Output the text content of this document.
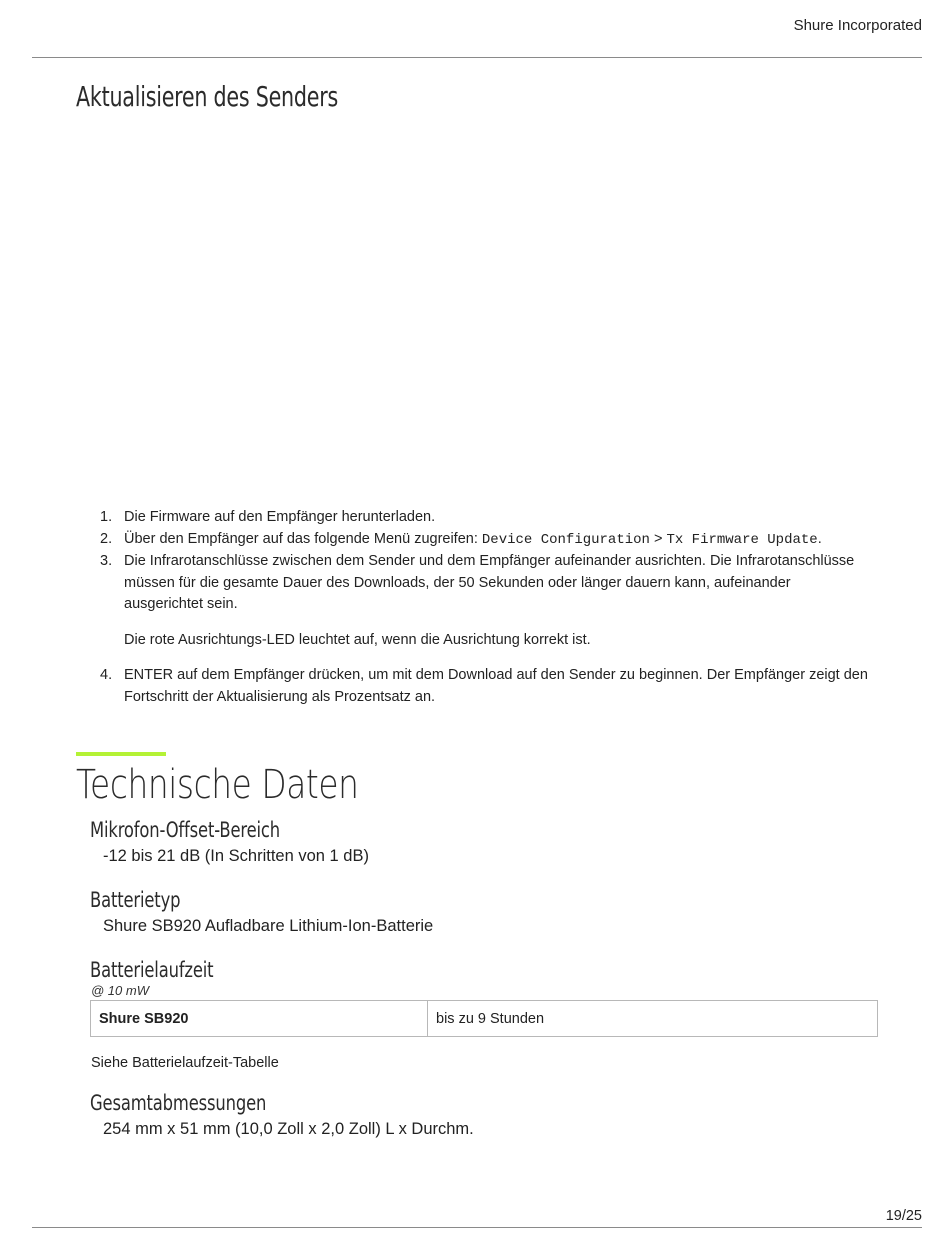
Shure Incorporated
Aktualisieren des Senders
1. Die Firmware auf den Empfänger herunterladen.
2. Über den Empfänger auf das folgende Menü zugreifen: Device Configuration > Tx Firmware Update.
3. Die Infrarotanschlüsse zwischen dem Sender und dem Empfänger aufeinander ausrichten. Die Infrarotanschlüsse müssen für die gesamte Dauer des Downloads, der 50 Sekunden oder länger dauern kann, aufeinander ausgerichtet sein.
Die rote Ausrichtungs-LED leuchtet auf, wenn die Ausrichtung korrekt ist.
4. ENTER auf dem Empfänger drücken, um mit dem Download auf den Sender zu beginnen. Der Empfänger zeigt den Fortschritt der Aktualisierung als Prozentsatz an.
Technische Daten
Mikrofon-Offset-Bereich
-12 bis 21 dB (In Schritten von 1 dB)
Batterietyp
Shure SB920 Aufladbare Lithium-Ion-Batterie
Batterielaufzeit
@ 10 mW
Shure SB920	bis zu 9 Stunden
Siehe Batterielaufzeit-Tabelle
Gesamtabmessungen
254 mm x 51 mm (10,0 Zoll x 2,0 Zoll) L x Durchm.
19/25
